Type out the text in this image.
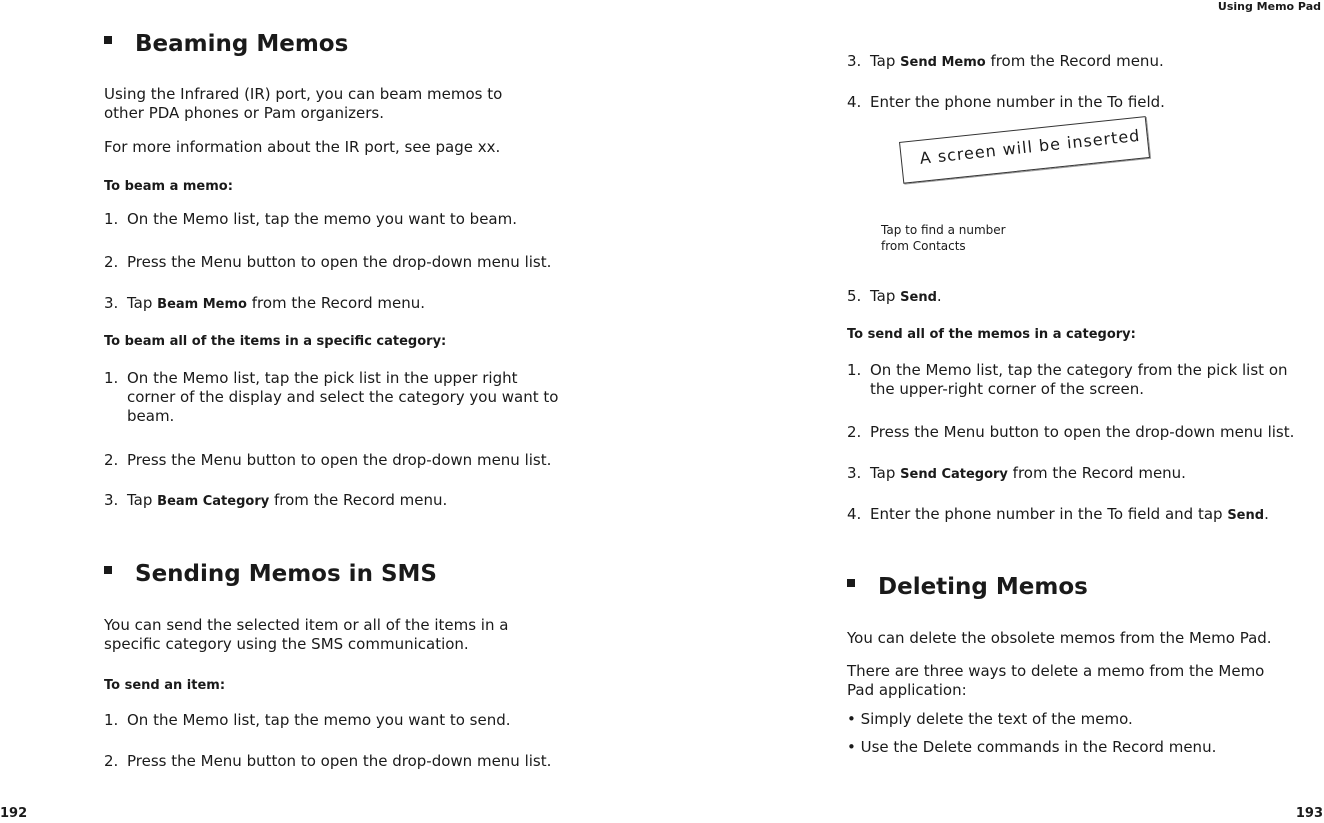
Using Memo Pad
Beaming Memos
Using the Infrared (IR) port, you can beam memos to
other PDA phones or Pam organizers.
For more information about the IR port, see page xx.
To beam a memo:
1. On the Memo list, tap the memo you want to beam.
2. Press the Menu button to open the drop-down menu list.
3. Tap Beam Memo from the Record menu.
To beam all of the items in a specific category:
1. On the Memo list, tap the pick list in the upper right
corner of the display and select the category you want to
beam.
2. Press the Menu button to open the drop-down menu list.
3. Tap Beam Category from the Record menu.
Sending Memos in SMS
You can send the selected item or all of the items in a
specific category using the SMS communication.
To send an item:
1. On the Memo list, tap the memo you want to send.
2. Press the Menu button to open the drop-down menu list.
192
3. Tap Send Memo from the Record menu.
4. Enter the phone number in the To field.
A screen will be inserted
Tap to find a number
from Contacts
5. Tap Send.
To send all of the memos in a category:
1. On the Memo list, tap the category from the pick list on
the upper-right corner of the screen.
2. Press the Menu button to open the drop-down menu list.
3. Tap Send Category from the Record menu.
4. Enter the phone number in the To field and tap Send.
Deleting Memos
You can delete the obsolete memos from the Memo Pad.
There are three ways to delete a memo from the Memo
Pad application:
• Simply delete the text of the memo.
• Use the Delete commands in the Record menu.
193
